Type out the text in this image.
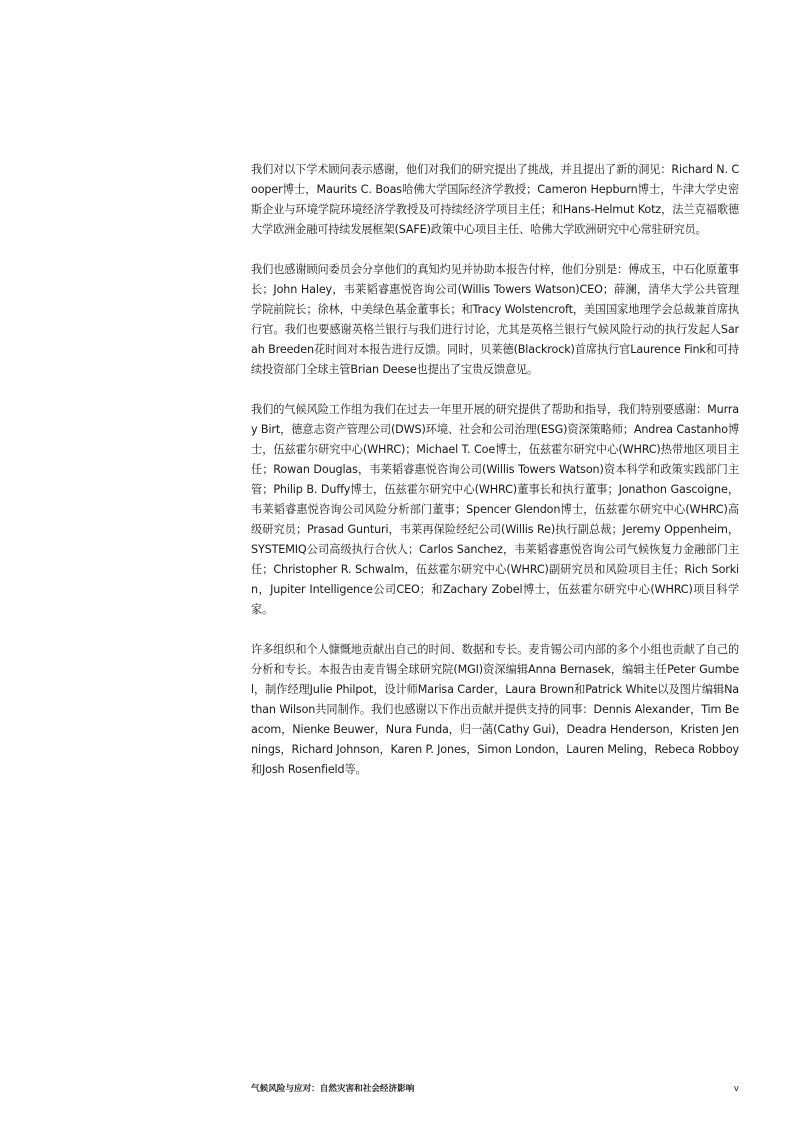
我们对以下学术顾问表示感谢，他们对我们的研究提出了挑战，并且提出了新的洞见：Richard N. Cooper博士，Maurits C. Boas哈佛大学国际经济学教授；Cameron Hepburn博士，牛津大学史密斯企业与环境学院环境经济学教授及可持续经济学项目主任；和Hans-Helmut Kotz，法兰克福歌德大学欧洲金融可持续发展框架(SAFE)政策中心项目主任、哈佛大学欧洲研究中心常驻研究员。

我们也感谢顾问委员会分享他们的真知灼见并协助本报告付梓，他们分别是：傅成玉，中石化原董事长；John Haley，韦莱韬睿惠悦咨询公司(Willis Towers Watson)CEO；薛澜，清华大学公共管理学院前院长；徐林，中美绿色基金董事长；和Tracy Wolstencroft，美国国家地理学会总裁兼首席执行官。我们也要感谢英格兰银行与我们进行讨论，尤其是英格兰银行气候风险行动的执行发起人Sarah Breeden花时间对本报告进行反馈。同时，贝莱德(Blackrock)首席执行官Laurence Fink和可持续投资部门全球主管Brian Deese也提出了宝贵反馈意见。

我们的气候风险工作组为我们在过去一年里开展的研究提供了帮助和指导，我们特别要感谢：Murray Birt，德意志资产管理公司(DWS)环境、社会和公司治理(ESG)资深策略师；Andrea Castanho博士，伍兹霍尔研究中心(WHRC)；Michael T. Coe博士，伍兹霍尔研究中心(WHRC)热带地区项目主任；Rowan Douglas，韦莱韬睿惠悦咨询公司(Willis Towers Watson)资本科学和政策实践部门主管；Philip B. Duffy博士，伍兹霍尔研究中心(WHRC)董事长和执行董事；Jonathon Gascoigne，韦莱韬睿惠悦咨询公司风险分析部门董事；Spencer Glendon博士，伍兹霍尔研究中心(WHRC)高级研究员；Prasad Gunturi，韦莱再保险经纪公司(Willis Re)执行副总裁；Jeremy Oppenheim，SYSTEMIQ公司高级执行合伙人；Carlos Sanchez，韦莱韬睿惠悦咨询公司气候恢复力金融部门主任；Christopher R. Schwalm，伍兹霍尔研究中心(WHRC)副研究员和风险项目主任；Rich Sorkin，Jupiter Intelligence公司CEO；和Zachary Zobel博士，伍兹霍尔研究中心(WHRC)项目科学家。

许多组织和个人慷慨地贡献出自己的时间、数据和专长。麦肯锡公司内部的多个小组也贡献了自己的分析和专长。本报告由麦肯锡全球研究院(MGI)资深编辑Anna Bernasek，编辑主任Peter Gumbel，制作经理Julie Philpot，设计师Marisa Carder，Laura Brown和Patrick White以及图片编辑Nathan Wilson共同制作。我们也感谢以下作出贡献并提供支持的同事：Dennis Alexander，Tim Beacom，Nienke Beuwer，Nura Funda，归一菡(Cathy Gui)，Deadra Henderson，Kristen Jennings，Richard Johnson，Karen P. Jones，Simon London，Lauren Meling，Rebeca Robboy和Josh Rosenfield等。

气候风险与应对：自然灾害和社会经济影响	v
